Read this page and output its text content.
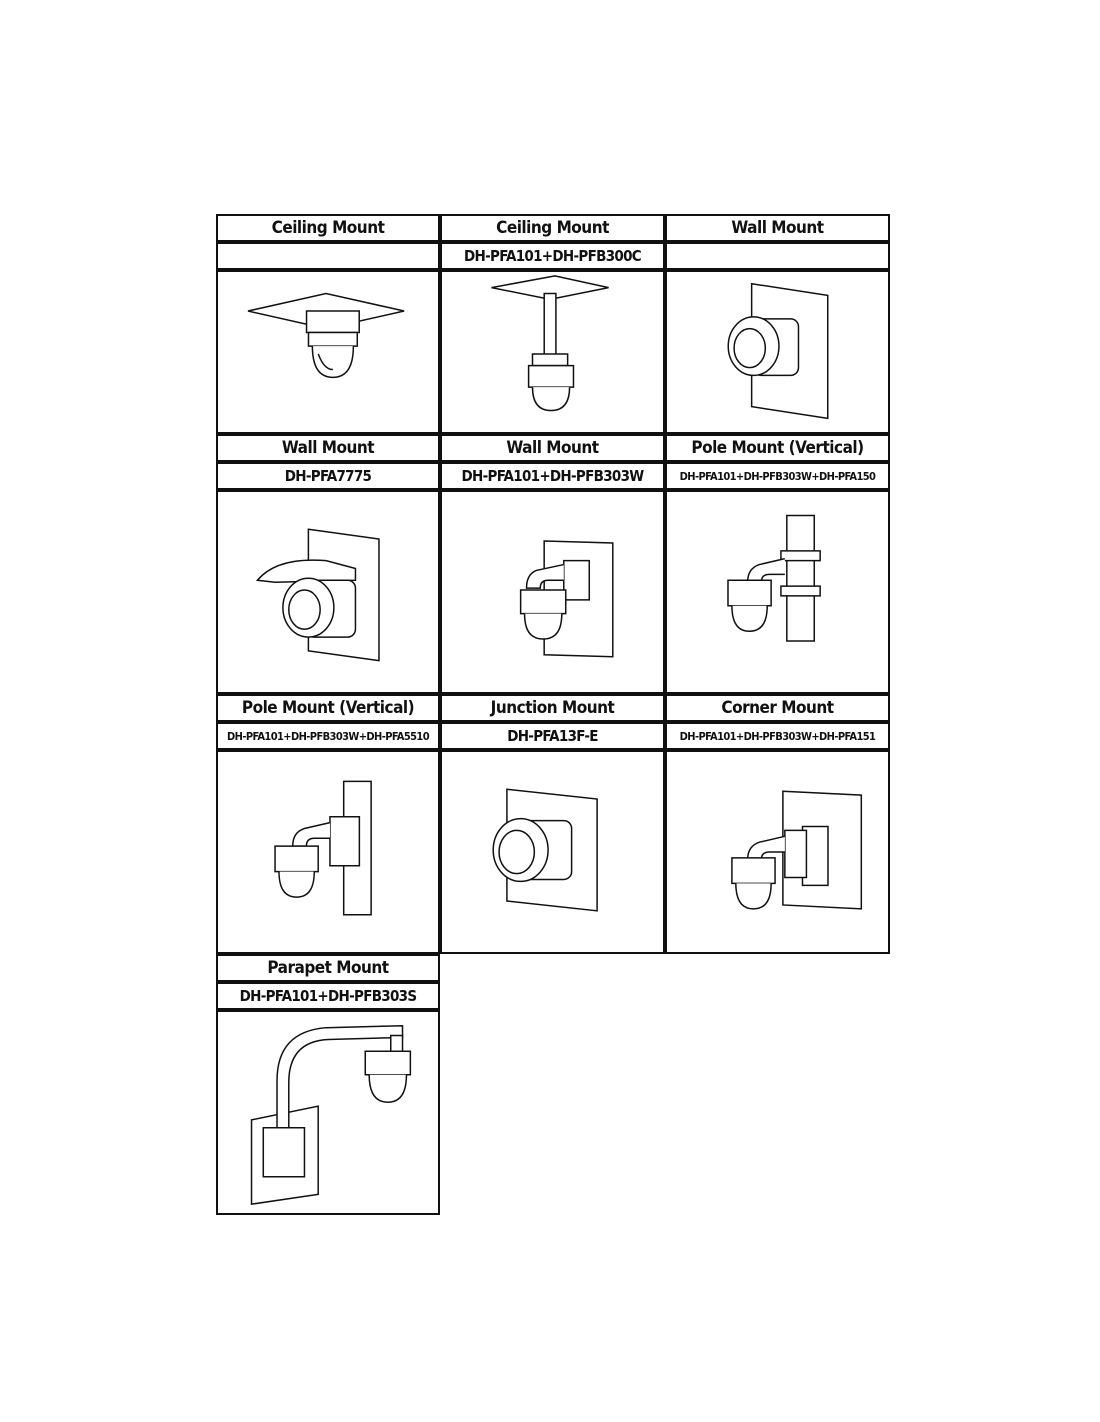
Ceiling Mount	Ceiling Mount
DH-PFA101+DH-PFB300C
Wall Mount
Wall Mount
DH-PFA7775
Wall Mount
DH-PFA101+DH-PFB303W
Pole Mount (Vertical)
DH-PFA101+DH-PFB303W+DH-PFA150
Pole Mount (Vertical)
DH-PFA101+DH-PFB303W+DH-PFA5510
Junction Mount
DH-PFA13F-E
Corner Mount
DH-PFA101+DH-PFB303W+DH-PFA151
Parapet Mount
DH-PFA101+DH-PFB303S
